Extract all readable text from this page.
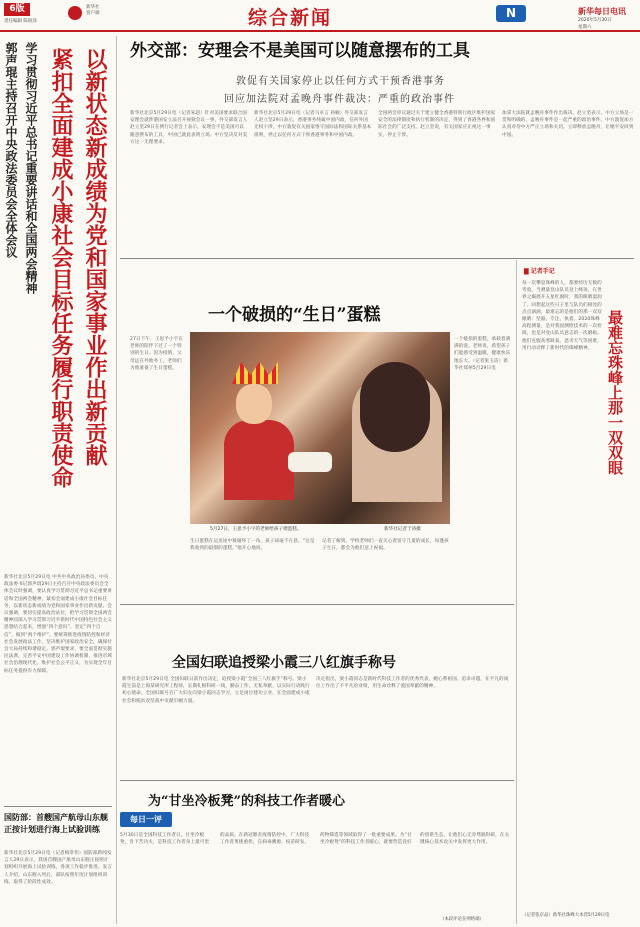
6版
责任编辑 陈锐泽
新华社
客户端	综合新闻	N	新华每日电讯
2020年5月30日
星期六
郭声琨主持召开中央政法委员会全体会议 学习贯彻习近平总书记重要讲话和全国两会精神 紧扣全面建成小康社会目标任务履行职责使命 以新状态新成绩为党和国家事业作出新贡献
新华社北京5月29日电 中共中央政治局委员、中央政法委书记郭声琨29日主持召开中央政法委员会全体会议时强调，要认真学习贯彻习近平总书记重要讲话和全国两会精神，紧扣全面建成小康社会目标任务，以新状态新成绩为党和国家事业作出新贡献。会议强调，要切实提高政治站位，把学习贯彻全国两会精神同深入学习贯彻习近平新时代中国特色社会主义思想结合起来，增强“四个意识”、坚定“四个自信”、做到“两个维护”。要统筹推进疫情防控和经济社会发展政法工作，坚决维护国家政治安全，确保社会大局持续和谐稳定。郭声琨要求，要全面贯彻实施民法典，完善平安中国建设工作协调机制，推进市域社会治理现代化，维护社会公平正义，为实现全年目标任务提供有力保障。
外交部：安理会不是美国可以随意摆布的工具
敦促有关国家停止以任何方式干预香港事务
回应加法院对孟晚舟事件裁决：严重的政治事件
新华社北京5月29日电（记者朱超）针对美国要求联合国安理会就涉港国安立法召开视频会议一事，外交部发言人赵立坚29日在例行记者会上表示，安理会不是美国可以随意摆布的工具，中国已就此表明立场。中方坚决反对美方这一无理要求。
新华社北京5月29日电（记者马卓言 孙楠）外交部发言人赵立坚29日表示，香港事务纯属中国内政，任何外国无权干涉。中方敦促有关国家恪守国际法和国际关系基本准则，停止以任何方式干预香港事务和中国内政。
全国两会审议通过关于建立健全香港特别行政区维护国家安全的法律制度和执行机制的决定，得到了香港各界和国际社会的广泛支持。赵立坚说，有关国家应正视这一事实，停止干涉。
加拿大法院就孟晚舟事件作出裁决。赵立坚表示，中方立场是一贯和明确的，孟晚舟事件是一起严重的政治事件。中方敦促加方认真对待中方严正立场和关切，立即释放孟晚舟，让她平安回到中国。
一个破损的“生日”蛋糕
27日下午，王思予小宇在老师的陪伴下过了一个特别的生日。因为疫情，父母远在外地务工，老师们为他准备了生日蛋糕。
一个破损的蛋糕，承载着满满的爱。老师说，希望孩子们能感受到温暖，健康快乐地长大。（记者张玉洁）新华社郑州5月29日电
5月27日，王思予小宇的老师给孩子喂蛋糕。	新华社记者于涛摄
生日蛋糕在运送途中被碰坏了一角，孩子却毫不在意。“这是我收到的最甜的蛋糕。”他开心地说。
记者了解到，学校老师们一直关心着留守儿童的成长，每逢孩子生日，都会为他们送上祝福。
▇ 记者手记
每一次攀登珠峰的人，都要经历无数的考验。当测量登山队员登上峰顶，在世界之巅展开五星红旗时，我的眼睛湿润了。回想起这些日子里与队员们相处的点点滴滴，最难忘的是他们的那一双双眼睛：坚毅、专注、执着。2020珠峰高程测量，是对我国测绘技术的一次检阅，也是对登山队员意志的一次磨砺。他们克服高寒缺氧、恶劣天气等困难，用行动诠释了新时代的珠峰精神。 最难忘珠峰上那一双双眼
（记者张京品）新华社珠峰大本营5月29日电
全国妇联追授梁小霞三八红旗手称号
新华社北京5月29日电 全国妇联日前作出决定，追授梁小霞“全国三八红旗手”称号。梁小霞生前是上海某研究所工程师，长期扎根科研一线，勤奋工作、无私奉献，以实际行动践行初心使命。全国妇联号召广大妇女向梁小霞同志学习，立足岗位建功立业，在全面建成小康社会和脱贫攻坚战中贡献巾帼力量。
决定指出，梁小霞同志是新时代科技工作者的优秀代表，她心系祖国、追求卓越，在平凡的岗位上作出了不平凡的业绩，用生命诠释了爱国奉献的精神。
为“甘坐冷板凳”的科技工作者暖心
每日一评
5月30日是全国科技工作者日。甘坐冷板凳，肯下苦功夫，是科技工作者身上最可贵的品质。在新冠肺炎疫情防控中，广大科技工作者勇挑重担，在病毒溯源、疫苗研发、药物筛选等领域取得了一批重要成果。为“甘坐冷板凳”的科技工作者暖心，就要营造良好的创新生态，让他们心无旁骛搞科研，在关键核心技术攻关中发挥更大作用。
（本段评论在网络端）
国防部：首艘国产航母山东舰正按计划进行海上试验训练
新华社北京5月29日电（记者梅常伟）国防部新闻发言人29日表示，我国首艘国产航母山东舰正按照计划组织开展海上试验训练，各项工作稳步推进。发言人介绍，山东舰入列后，部队按照年度计划组织训练，取得了阶段性成效。
